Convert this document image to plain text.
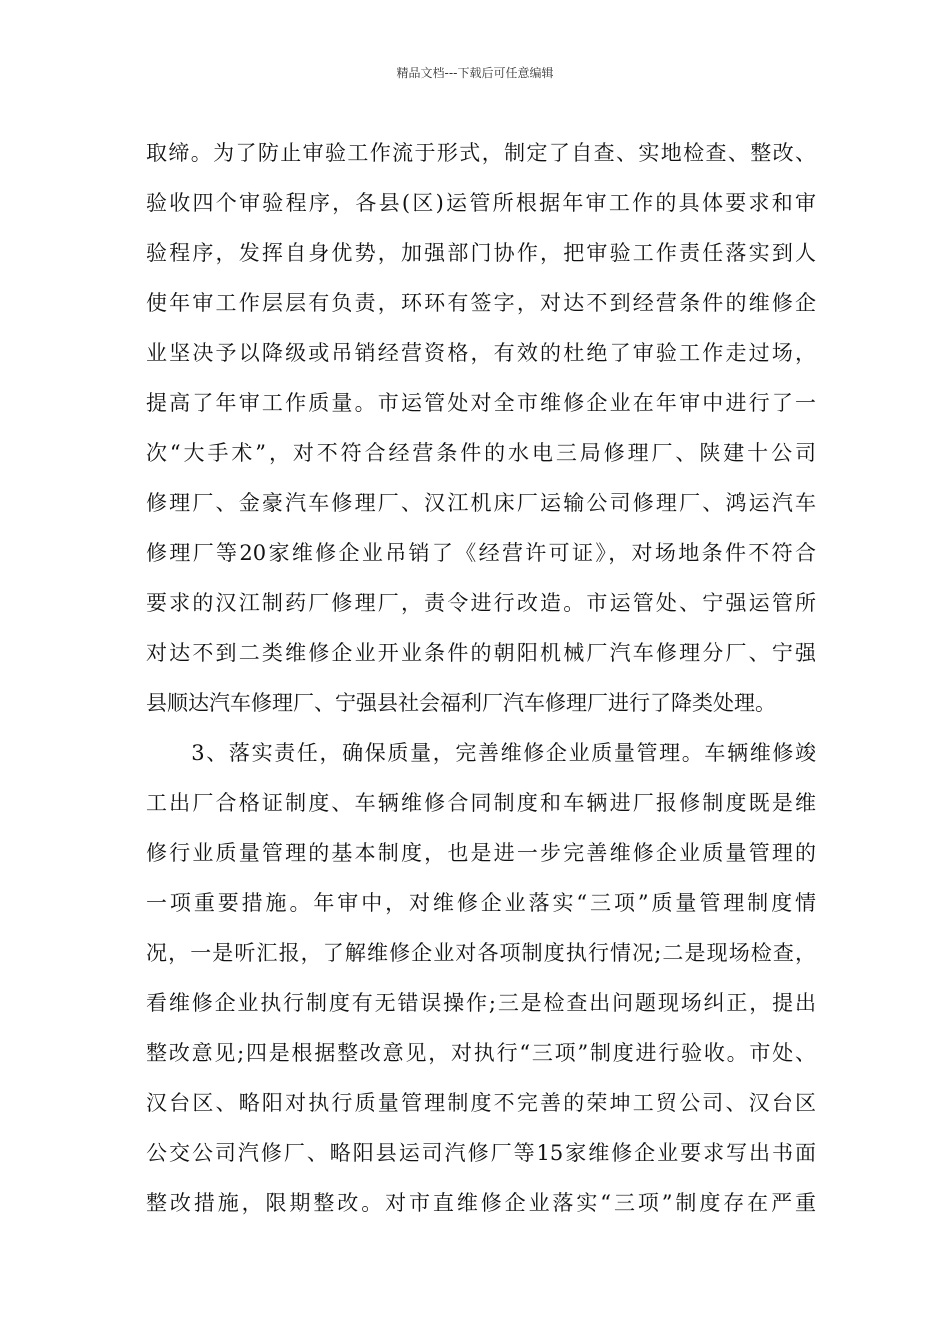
精品文档---下载后可任意编辑
取缔。为了防止审验工作流于形式，制定了自查、实地检查、整改、
验收四个审验程序，各县(区)运管所根据年审工作的具体要求和审
验程序，发挥自身优势，加强部门协作，把审验工作责任落实到人
使年审工作层层有负责，环环有签字，对达不到经营条件的维修企
业坚决予以降级或吊销经营资格，有效的杜绝了审验工作走过场，
提高了年审工作质量。市运管处对全市维修企业在年审中进行了一
次“大手术”，对不符合经营条件的水电三局修理厂、陕建十公司
修理厂、金豪汽车修理厂、汉江机床厂运输公司修理厂、鸿运汽车
修理厂等20家维修企业吊销了《经营许可证》，对场地条件不符合
要求的汉江制药厂修理厂，责令进行改造。市运管处、宁强运管所
对达不到二类维修企业开业条件的朝阳机械厂汽车修理分厂、宁强
县顺达汽车修理厂、宁强县社会福利厂汽车修理厂进行了降类处理。
　　3、落实责任，确保质量，完善维修企业质量管理。车辆维修竣
工出厂合格证制度、车辆维修合同制度和车辆进厂报修制度既是维
修行业质量管理的基本制度，也是进一步完善维修企业质量管理的
一项重要措施。年审中，对维修企业落实“三项”质量管理制度情
况，一是听汇报，了解维修企业对各项制度执行情况;二是现场检查，
看维修企业执行制度有无错误操作;三是检查出问题现场纠正，提出
整改意见;四是根据整改意见，对执行“三项”制度进行验收。市处、
汉台区、略阳对执行质量管理制度不完善的荣坤工贸公司、汉台区
公交公司汽修厂、略阳县运司汽修厂等15家维修企业要求写出书面
整改措施，限期整改。对市直维修企业落实“三项”制度存在严重
